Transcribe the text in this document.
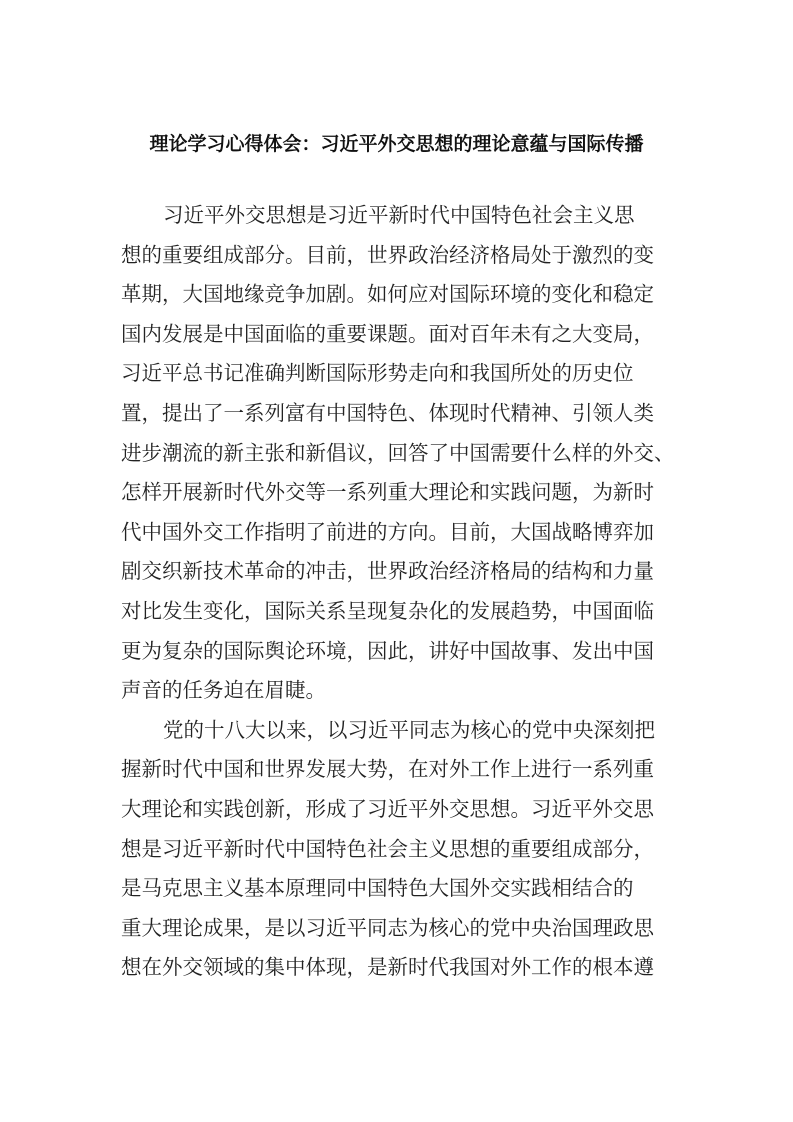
理论学习心得体会：习近平外交思想的理论意蕴与国际传播
习近平外交思想是习近平新时代中国特色社会主义思
想的重要组成部分。目前，世界政治经济格局处于激烈的变
革期，大国地缘竞争加剧。如何应对国际环境的变化和稳定
国内发展是中国面临的重要课题。面对百年未有之大变局，
习近平总书记准确判断国际形势走向和我国所处的历史位
置，提出了一系列富有中国特色、体现时代精神、引领人类
进步潮流的新主张和新倡议，回答了中国需要什么样的外交、
怎样开展新时代外交等一系列重大理论和实践问题，为新时
代中国外交工作指明了前进的方向。目前，大国战略博弈加
剧交织新技术革命的冲击，世界政治经济格局的结构和力量
对比发生变化，国际关系呈现复杂化的发展趋势，中国面临
更为复杂的国际舆论环境，因此，讲好中国故事、发出中国
声音的任务迫在眉睫。
党的十八大以来，以习近平同志为核心的党中央深刻把
握新时代中国和世界发展大势，在对外工作上进行一系列重
大理论和实践创新，形成了习近平外交思想。习近平外交思
想是习近平新时代中国特色社会主义思想的重要组成部分，
是马克思主义基本原理同中国特色大国外交实践相结合的
重大理论成果，是以习近平同志为核心的党中央治国理政思
想在外交领域的集中体现，是新时代我国对外工作的根本遵
